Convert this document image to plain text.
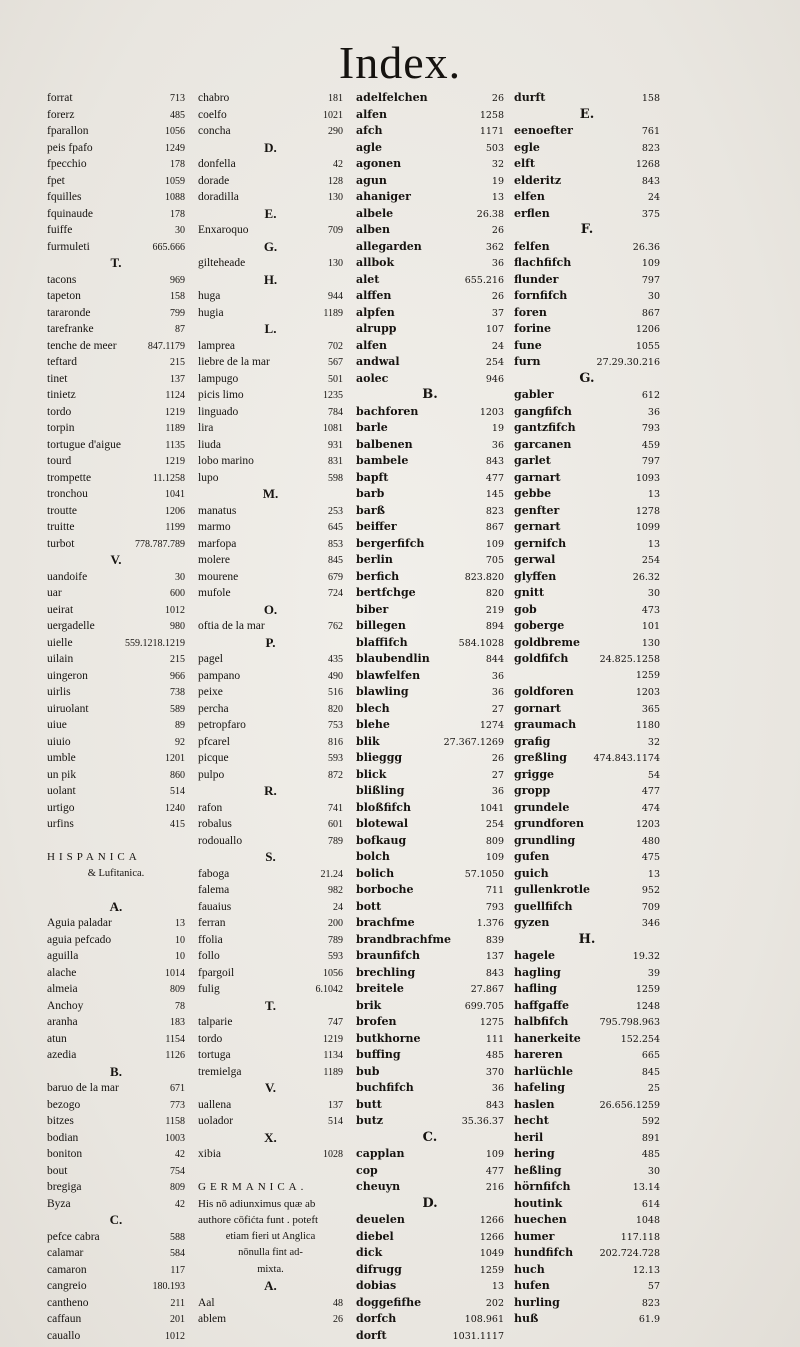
Index.
forrat	713
forerz	485
fparallon	1056
peis fpafo	1249
fpecchio	178
fpet	1059
fquilles	1088
fquinaude	178
fuiffe	30
furmuleti	665.666
T.
tacons	969
tapeton	158
tararonde	799
tarefranke	87
tenche de meer	847.1179
teftard	215
tinet	137
tinietz	1124
tordo	1219
torpin	1189
tortugue d'aigue	1135
tourd	1219
trompette	11.1258
tronchou	1041
troutte	1206
truitte	1199
turbot	778.787.789
V.
uandoife	30
uar	600
ueirat	1012
uergadelle	980
uielle	559.1218.1219
uilain	215
uingeron	966
uirlis	738
uiruolant	589
uiue	89
uiuio	92
umble	1201
un pik	860
uolant	514
urtigo	1240
urfins	415
HISPANICA
& Lufitanica.
A.
Aguia paladar	13
aguia pefcado	10
aguilla	10
alache	1014
almeia	809
Anchoy	78
aranha	183
atun	1154
azedia	1126
B.
baruo de la mar	671
bezogo	773
bitzes	1158
bodian	1003
boniton	42
bout	754
bregiga	809
Byza	42
C.
pefce cabra	588
calamar	584
camaron	117
cangreio	180.193
cantheno	211
caffaun	201
cauallo	1012
chabro	181
coelfo	1021
concha	290
D.
donfella	42
dorade	128
doradilla	130
E.
Enxaroquo	709
G.
gilteheade	130
H.
huga	944
hugia	1189
L.
lamprea	702
liebre de la mar	567
lampugo	501
picis limo	1235
linguado	784
lira	1081
liuda	931
lobo marino	831
lupo	598
M.
manatus	253
marmo	645
marfopa	853
molere	845
mourene	679
mufole	724
O.
oftia de la mar	762
P.
pagel	435
pampano	490
peixe	516
percha	820
petropfaro	753
pfcarel	816
picque	593
pulpo	872
R.
rafon	741
robalus	601
rodouallo	789
S.
faboga	21.24
falema	982
fauaius	24
ferran	200
ffolia	789
follo	593
fpargoil	1056
fulig	6.1042
T.
talparie	747
tordo	1219
tortuga	1134
tremielga	1189
V.
uallena	137
uolador	514
X.
xibia	1028
GERMANICA.
His nō adiunximus quæ ab
authore cōfićta funt . poteft
etiam fieri ut Anglica
nōnulla fint ad-
mixta.
A.
Aal	48
ablem	26
adelfelchen	26
alfen	1258
afch	1171
agle	503
agonen	32
agun	19
ahaniger	13
albele	26.38
alben	26
allegarden	362
allbok	36
alet	655.216
alffen	26
alpfen	37
alrupp	107
alfen	24
andwal	254
aolec	946
B.
bachforen	1203
barle	19
balbenen	36
bambele	843
bapft	477
barb	145
barß	823
beiffer	867
bergerfifch	109
berlin	705
berfich	823.820
bertfchge	820
biber	219
billegen	894
blaffifch	584.1028
blaubendlin	844
blawfelfen	36
blawling	36
blech	27
blehe	1274
blik	27.367.1269
blieggg	26
blick	27
blißling	36
bloßfifch	1041
blotewal	254
bofkaug	809
bolch	109
bolich	57.1050
borboche	711
bott	793
brachfme	1.376
brandbrachfme	839
braunfifch	137
brechling	843
breitele	27.867
brik	699.705
brofen	1275
butkhorne	111
buffing	485
bub	370
buchfifch	36
butt	843
butz	35.36.37
C.
capplan	109
cop	477
cheuyn	216
D.
deuelen	1266
diebel	1266
dick	1049
difrugg	1259
dobias	13
doggefifhe	202
dorfch	108.961
dorft	1031.1117
durft	158
E.
eenoefter	761
egle	823
elft	1268
elderitz	843
elfen	24
erflen	375
F.
felfen	26.36
flachfifch	109
flunder	797
fornfifch	30
foren	867
forine	1206
fune	1055
furn	27.29.30.216
G.
gabler	612
gangfifch	36
gantzfifch	793
garcanen	459
garlet	797
garnart	1093
gebbe	13
genfter	1278
gernart	1099
gernifch	13
gerwal	254
glyffen	26.32
gnitt	30
gob	473
goberge	101
goldbreme	130
goldfifch	24.825.1258
1259
goldforen	1203
gornart	365
graumach	1180
grafig	32
greßling	474.843.1174
grigge	54
gropp	477
grundele	474
grundforen	1203
grundling	480
gufen	475
guich	13
gullenkrotle	952
guellfifch	709
gyzen	346
H.
hagele	19.32
hagling	39
hafling	1259
haffgaffe	1248
halbfifch	795.798.963
hanerkeite	152.254
hareren	665
harlüchle	845
hafeling	25
haslen	26.656.1259
hecht	592
heril	891
hering	485
heßling	30
hörnfifch	13.14
houtink	614
huechen	1048
humer	117.118
hundfifch	202.724.728
huch	12.13
hufen	57
hurling	823
huß	61.9
